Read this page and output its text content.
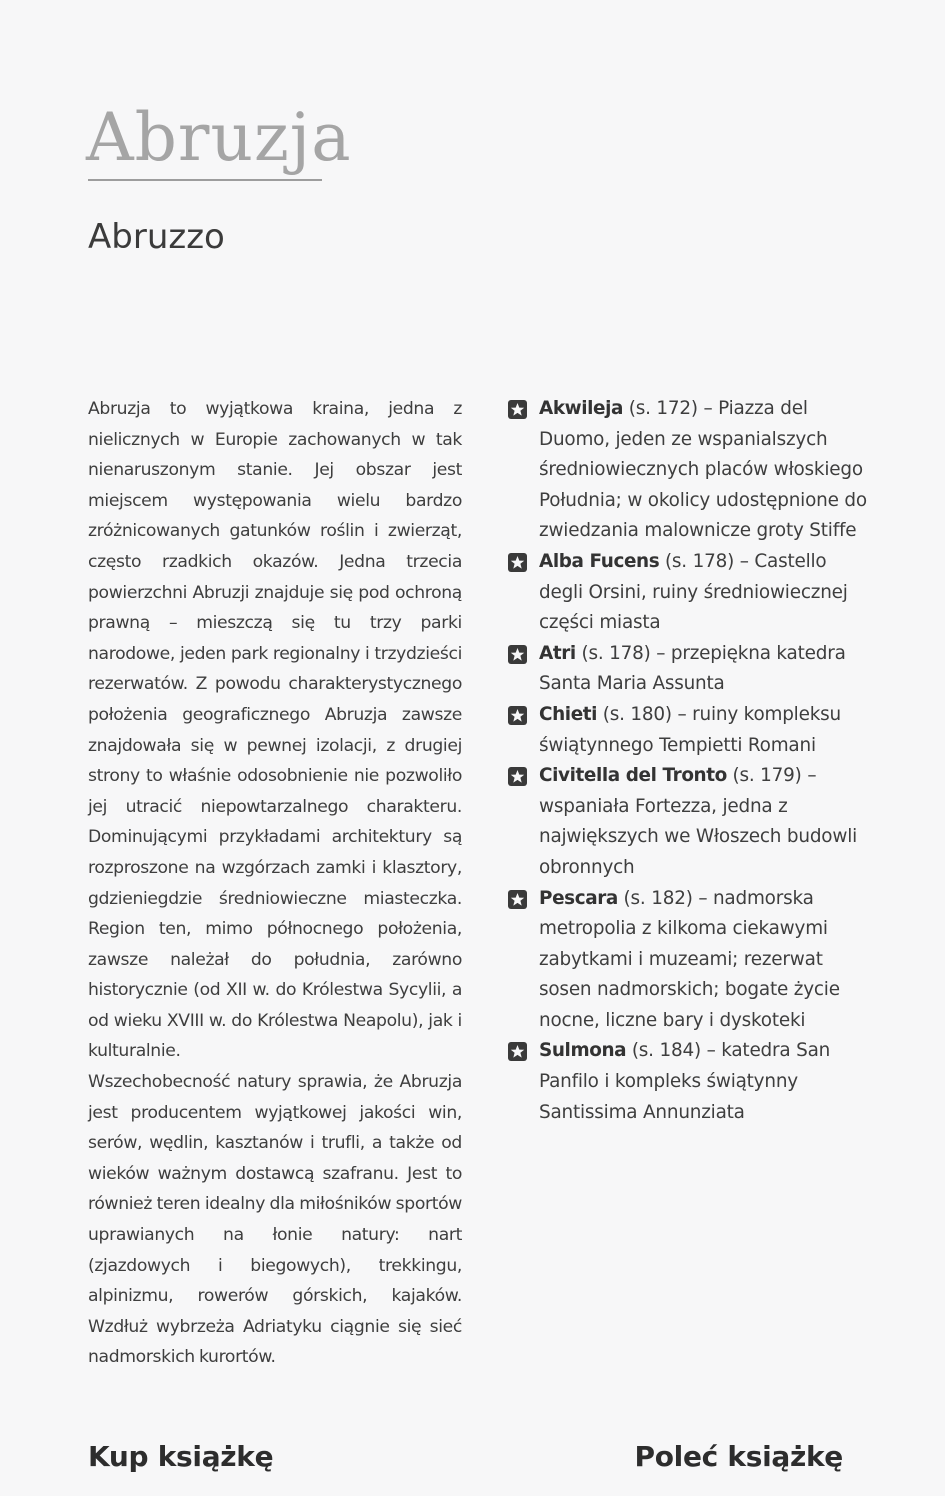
Abruzja
Abruzzo

Abruzja to wyjątkowa kraina, jedna z nielicznych w Europie zachowanych w tak nienaruszonym stanie. Jej obszar jest miejscem występowania wielu bardzo zróżnicowanych gatunków roślin i zwierząt, często rzadkich okazów. Jedna trzecia powierzchni Abruzji znajduje się pod ochroną prawną – mieszczą się tu trzy parki narodowe, jeden park regionalny i trzydzieści rezerwatów. Z powodu charakterystycznego położenia geograficznego Abruzja zawsze znajdowała się w pewnej izolacji, z drugiej strony to właśnie odosobnienie nie pozwoliło jej utracić niepowtarzalnego charakteru. Dominującymi przykładami architektury są rozproszone na wzgórzach zamki i klasztory, gdzieniegdzie średniowieczne miasteczka. Region ten, mimo północnego położenia, zawsze należał do południa, zarówno historycznie (od XII w. do Królestwa Sycylii, a od wieku XVIII w. do Królestwa Neapolu), jak i kulturalnie.

Wszechobecność natury sprawia, że Abruzja jest producentem wyjątkowej jakości win, serów, wędlin, kasztanów i trufli, a także od wieków ważnym dostawcą szafranu. Jest to również teren idealny dla miłośników sportów uprawianych na łonie natury: nart (zjazdowych i biegowych), trekkingu, alpinizmu, rowerów górskich, kajaków. Wzdłuż wybrzeża Adriatyku ciągnie się sieć nadmorskich kurortów.

Akwileja (s. 172) – Piazza del Duomo, jeden ze wspanialszych średniowiecznych placów włoskiego Południa; w okolicy udostępnione do zwiedzania malownicze groty Stiffe
Alba Fucens (s. 178) – Castello degli Orsini, ruiny średniowiecznej części miasta
Atri (s. 178) – przepiękna katedra Santa Maria Assunta
Chieti (s. 180) – ruiny kompleksu świątynnego Tempietti Romani
Civitella del Tronto (s. 179) – wspaniała Fortezza, jedna z największych we Włoszech budowli obronnych
Pescara (s. 182) – nadmorska metropolia z kilkoma ciekawymi zabytkami i muzeami; rezerwat sosen nadmorskich; bogate życie nocne, liczne bary i dyskoteki
Sulmona (s. 184) – katedra San Panfilo i kompleks świątynny Santissima Annunziata
Kup książkę	Poleć książkę
